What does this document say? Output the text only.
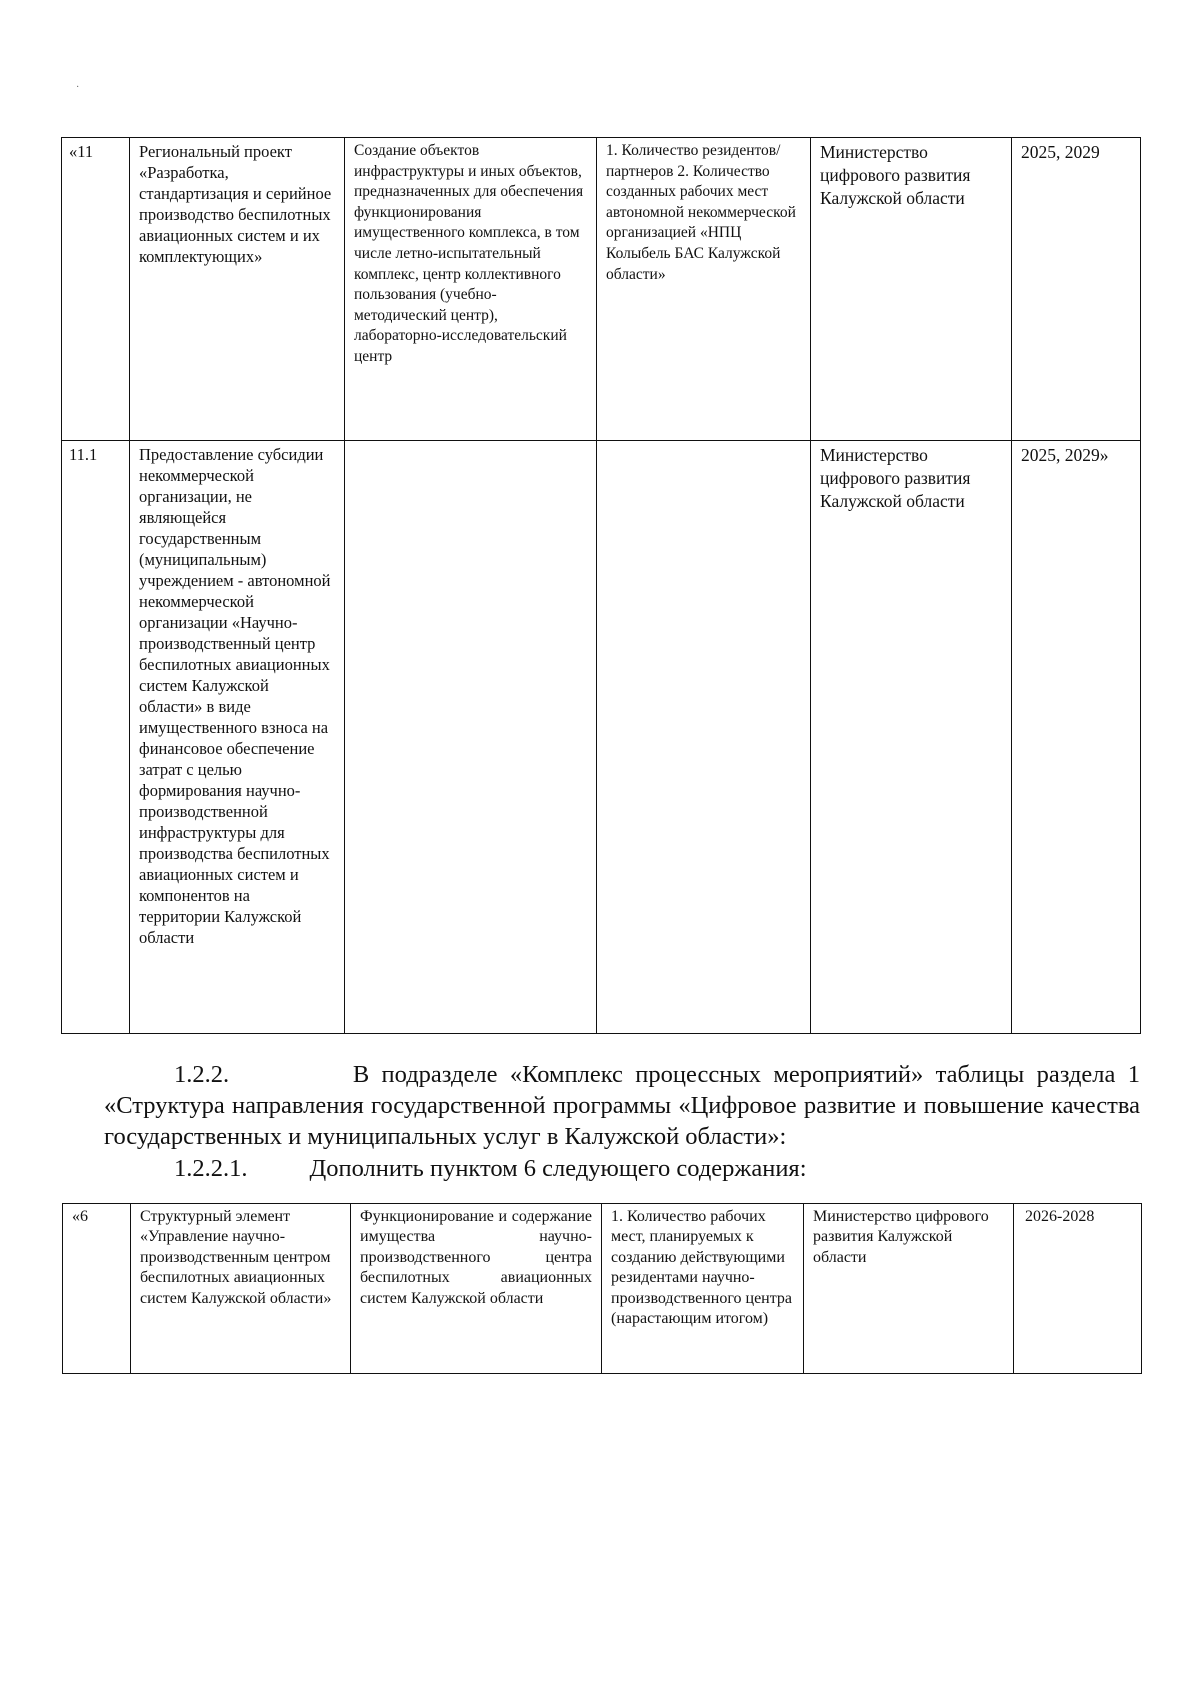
·
«11	Региональный проект «Разработка, стандартизация и серийное производство беспилотных авиационных систем и их комплектующих»	Создание объектов инфраструктуры и иных объектов, предназначенных для обеспечения функционирования имущественного комплекса, в том числе летно-испытательный комплекс, центр коллективного пользования (учебно-методический центр), лабораторно-исследовательский центр	1. Количество резидентов/партнеров 2. Количество созданных рабочих мест автономной некоммерческой организацией «НПЦ Колыбель БАС Калужской области»	Министерство цифрового развития Калужской области	2025, 2029
11.1	Предоставление субсидии некоммерческой организации, не являющейся государственным (муниципальным) учреждением - автономной некоммерческой организации «Научно-производственный центр беспилотных авиационных систем Калужской области» в виде имущественного взноса на финансовое обеспечение затрат с целью формирования научно-производственной инфраструктуры для производства беспилотных авиационных систем и компонентов на территории Калужской области			Министерство цифрового развития Калужской области	2025, 2029»
1.2.2.	В подразделе «Комплекс процессных мероприятий» таблицы раздела 1 «Структура направления государственной программы «Цифровое развитие и повышение качества государственных и муниципальных услуг в Калужской области»:
1.2.2.1.	Дополнить пунктом 6 следующего содержания:
«6	Структурный элемент «Управление научно-производственным центром беспилотных авиационных систем Калужской области»	Функционирование и содержание имущества научно-производственного центра беспилотных авиационных систем Калужской области	1. Количество рабочих мест, планируемых к созданию действующими резидентами научно-производственного центра (нарастающим итогом)	Министерство цифрового развития Калужской области	2026-2028
